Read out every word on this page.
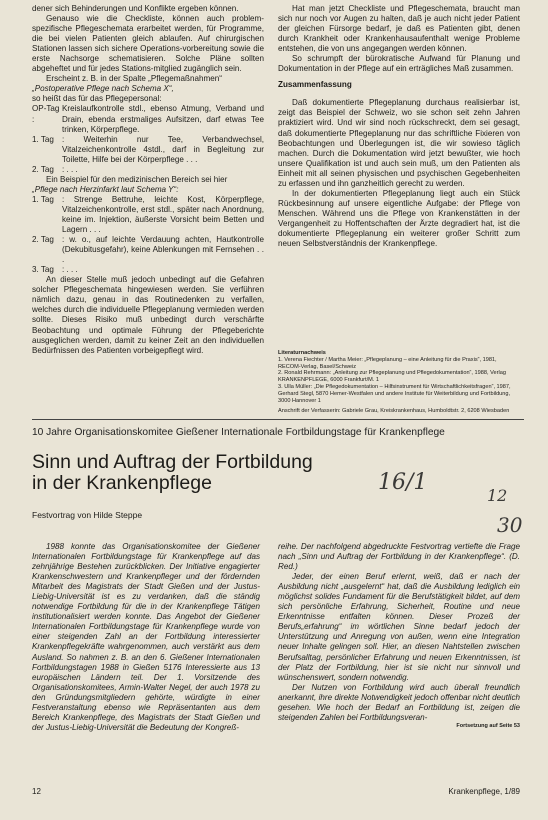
dener sich Behinderungen und Konflikte ergeben können.

Genauso wie die Checkliste, können auch problem-spezifische Pflegeschemata erarbeitet werden, für Programme, die bei vielen Patienten gleich ablaufen. Auf chirurgischen Stationen lassen sich sichere Operations-vorbereitung sowie die erste Nachsorge schematisieren. Solche Pläne sollten abgeheftet und für jedes Stations-mitglied zugänglich sein.

Erscheint z. B. in der Spalte „Pflegemaßnahmen“

„Postoperative Pflege nach Schema X“,

so heißt das für das Pflegepersonal:

OP-Tag :
Kreislaufkontrolle stdl., ebenso Atmung, Verband und Drain, ebenda erstmaliges Aufsitzen, darf etwas Tee trinken, Körperpflege.
1. Tag : Weiterhin nur Tee, Verbandwechsel, Vitalzeichenkontrolle 4stdl., darf in Begleitung zur Toilette, Hilfe bei der Körperpflege . . .
2. Tag : . . .

Ein Beispiel für den medizinischen Bereich sei hier

„Pflege nach Herzinfarkt laut Schema Y“:

1. Tag : Strenge Bettruhe, leichte Kost, Körperpflege, Vitalzeichenkontrolle, erst stdl., später nach Anordnung, keine im. Injektion, äußerste Vorsicht beim Betten und Lagern . . .
2. Tag : w. o., auf leichte Verdauung achten, Hautkontrolle (Dekubitusgefahr), keine Ablenkungen mit Fernsehen . . .
3. Tag : . . .

An dieser Stelle muß jedoch unbedingt auf die Gefahren solcher Pflegeschemata hingewiesen werden. Sie verführen nämlich dazu, genau in das Routinedenken zu verfallen, welches durch die individuelle Pflegeplanung vermieden werden sollte. Dieses Risiko muß unbedingt durch verschärfte Beobachtung und optimale Führung der Pflegeberichte ausgeglichen werden, damit zu keiner Zeit an den individuellen Bedürfnissen des Patienten vorbeigepflegt wird.

Hat man jetzt Checkliste und Pflegeschemata, braucht man sich nur noch vor Augen zu halten, daß je auch nicht jeder Patient der gleichen Fürsorge bedarf, je daß es Patienten gibt, denen durch Krankheit oder Krankenhausaufenthalt wenige Probleme entstehen, die von uns angegangen werden können.

So schrumpft der bürokratische Aufwand für Planung und Dokumentation in der Pflege auf ein erträgliches Maß zusammen.

Zusammenfassung

Daß dokumentierte Pflegeplanung durchaus realisierbar ist, zeigt das Beispiel der Schweiz, wo sie schon seit zehn Jahren praktiziert wird. Und wir sind noch rückschreckt, dem sei gesagt, daß dokumentierte Pflegeplanung nur das schriftliche Fixieren von Beobachtungen und Überlegungen ist, die wir sowieso täglich machen. Durch die Dokumentation wird jetzt bewußter, wie hoch unsere Qualifikation ist und auch sein muß, um den Patienten als Einheit mit all seinen physischen und psychischen Gegebenheiten zu erfassen und ihn ganzheitlich gerecht zu werden.

In der dokumentierten Pflegeplanung liegt auch ein Stück Rückbesinnung auf unsere eigentliche Aufgabe: der Pflege von Menschen. Während uns die Pflege von Krankenstätten in der Vergangenheit zu Hoffentschaften der Ärzte degradiert hat, ist die dokumentierte Pflegeplanung ein weiterer großer Schritt zum neuen Selbstverständnis der Krankenpflege.

Literaturnachweis

1. Verena Fiechter / Martha Meier: „Pflegeplanung – eine Anleitung für die Praxis“, 1981, RECOM-Verlag, Basel/Schweiz

2. Ronald Rehrmann: „Anleitung zur Pflegeplanung und Pflegedokumentation“, 1988, Verlag KRANKENPFLEGE, 6000 Frankfurt/M. 1

3. Ulla Müller: „Die Pflegedokumentation – Hilfsinstrument für Wirtschaftlichkeitsfragen“, 1987, Gerhard Stegl, 5870 Hemer-Westfalen und andere Institute für Weiterbildung und Fortbildung, 3000 Hannover 1

Anschrift der Verfasserin: Gabriele Grau, Kreiskrankenhaus, Humboldtstr. 2, 6208 Wiesbaden

10 Jahre Organisationskomitee Gießener Internationale Fortbildungstage für Krankenpflege
Sinn und Auftrag der Fortbildung
in der Krankenpflege
Festvortrag von Hilde Steppe
16/1
12
30

1988 konnte das Organisationskomitee der Gießener Internationalen Fortbildungstage für Krankenpflege auf das zehnjährige Bestehen zurückblicken. Der Initiative engagierter Krankenschwestern und Krankenpfleger und der fördernden Mitarbeit des Magistrats der Stadt Gießen und der Justus-Liebig-Universität ist es zu verdanken, daß die ständig notwendige Fortbildung für die in der Krankenpflege Tätigen institutionalisiert werden konnte. Das Angebot der Gießener Internationalen Fortbildungstage für Krankenpflege wurde von einer steigenden Zahl an der Fortbildung interessierter Krankenpflegekräfte wahrgenommen, auch verstärkt aus dem Ausland. So nahmen z. B. an den 6. Gießener Internationalen Fortbildungstagen 1988 in Gießen 5176 Interessierte aus 13 europäischen Ländern teil. Der 1. Vorsitzende des Organisationskomitees, Armin-Walter Negel, der auch 1978 zu den Gründungsmitgliedern gehörte, würdigte in einer Festveranstaltung ebenso wie Repräsentanten aus dem Bereich Krankenpflege, des Magistrats der Stadt Gießen und der Justus-Liebig-Universität die Bedeutung der Kongreß-

reihe. Der nachfolgend abgedruckte Festvortrag vertiefte die Frage nach „Sinn und Auftrag der Fortbildung in der Krankenpflege“. (D. Red.)

Jeder, der einen Beruf erlernt, weiß, daß er nach der Ausbildung nicht „ausgelernt“ hat, daß die Ausbildung lediglich ein möglichst solides Fundament für die Berufstätigkeit bildet, auf dem sich persönliche Erfahrung, Sicherheit, Routine und neue Erkenntnisse entfalten können. Dieser Prozeß der Berufs„erfahrung“ im wörtlichen Sinne bedarf jedoch der Unterstützung und Anregung von außen, wenn eine Integration neuer Inhalte gelingen soll. Hier, an diesen Nahtstellen zwischen Berufsalltag, persönlicher Erfahrung und neuen Erkenntnissen, ist der Platz der Fortbildung, hier ist sie nicht nur sinnvoll und wünschenswert, sondern notwendig.

Der Nutzen von Fortbildung wird auch überall freundlich anerkannt, ihre direkte Notwendigkeit jedoch offenbar nicht deutlich gesehen. Wie hoch der Bedarf an Fortbildung ist, zeigen die steigenden Zahlen bei Fortbildungsveran-

Fortsetzung auf Seite 53

12	Krankenpflege, 1/89
